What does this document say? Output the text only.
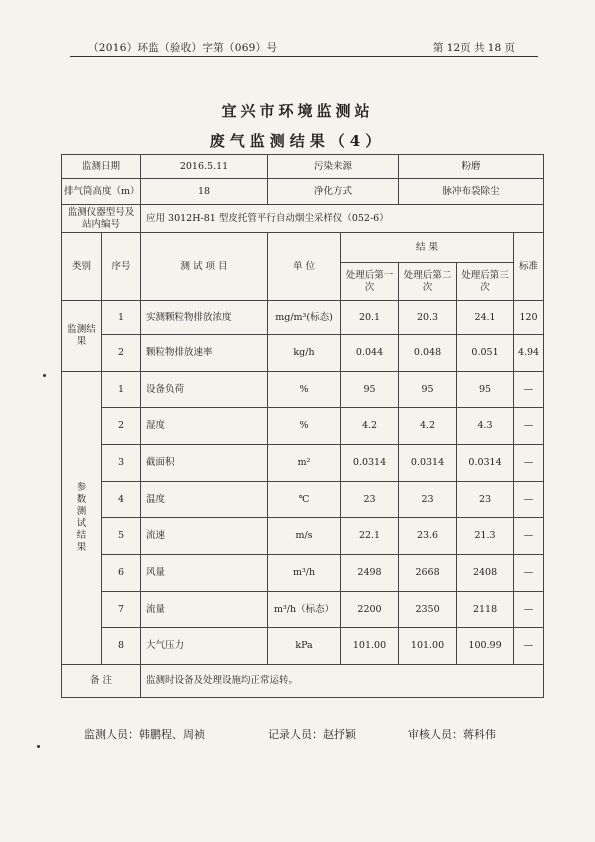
（2016）环监（验收）字第（069）号	第 12页 共 18 页
宜兴市环境监测站
废气监测结果（4）
监测日期		2016.5.11	污染来源		粉磨		
排气筒高度（m）		18	净化方式		脉冲布袋除尘		
监测仪器型号及站内编号		应用 3012H-81 型皮托管平行自动烟尘采样仪（052-6）					
类别	序号	测 试 项 目	单 位	结 果			标准
				处理后第一次	处理后第二次	处理后第三次	
监测结果	1	实测颗粒物排放浓度	mg/m³(标态)	20.1	20.3	24.1	120
	2	颗粒物排放速率	kg/h	0.044	0.048	0.051	4.94
参数测试结果	1	设备负荷	%	95	95	95	—
	2	湿度	%	4.2	4.2	4.3	—
	3	截面积	m²	0.0314	0.0314	0.0314	—
	4	温度	℃	23	23	23	—
	5	流速	m/s	22.1	23.6	21.3	—
	6	风量	m³/h	2498	2668	2408	—
	7	流量	m³/h（标态）	2200	2350	2118	—
	8	大气压力	kPa	101.00	101.00	100.99	—
备 注		监测时设备及处理设施均正常运转。					
监测人员：韩鹏程、周祯	记录人员：赵抒颖	审核人员：蒋科伟
